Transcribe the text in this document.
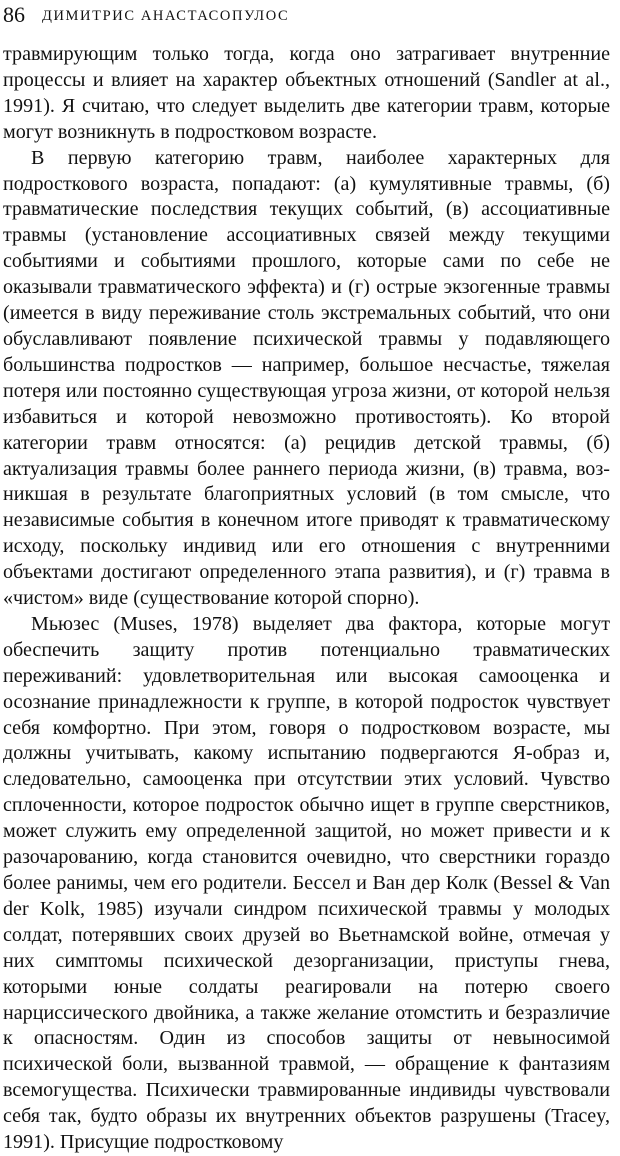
86 ДИМИТРИС АНАСТАСОПУЛОС

травмирующим только тогда, когда оно затрагивает внутренние процессы и влияет на характер объектных отношений (Sandler at al., 1991). Я считаю, что следует выделить две категории травм, которые могут возникнуть в подростковом возрасте.

В первую категорию травм, наиболее характерных для подросткового возраста, попадают: (а) кумулятивные травмы, (б) травматические последствия текущих событий, (в) ассоциативные травмы (установление ассоциативных связей между текущими событиями и событиями прошлого, которые сами по себе не оказывали травматического эффекта) и (г) острые экзогенные травмы (имеется в виду переживание столь экстремальных событий, что они обуславливают появление психической травмы у подавляющего большинства подростков — например, большое несчастье, тяжелая потеря или постоянно существующая угроза жизни, от которой нельзя избавиться и которой невозможно противостоять). Ко второй категории травм относятся: (а) рецидив детской травмы, (б) актуализация травмы более раннего периода жизни, (в) травма, возникшая в результате благоприятных условий (в том смысле, что независимые события в конечном итоге приводят к травматическому исходу, поскольку индивид или его отношения с внутренними объектами достигают определенного этапа развития), и (г) травма в «чистом» виде (существование которой спорно).

Мьюзес (Muses, 1978) выделяет два фактора, которые могут обеспечить защиту против потенциально травматических переживаний: удовлетворительная или высокая самооценка и осознание принадлежности к группе, в которой подросток чувствует себя комфортно. При этом, говоря о подростковом возрасте, мы должны учитывать, какому испытанию подвергаются Я-образ и, следовательно, самооценка при отсутствии этих условий. Чувство сплоченности, которое подросток обычно ищет в группе сверстников, может служить ему определенной защитой, но может привести и к разочарованию, когда становится очевидно, что сверстники гораздо более ранимы, чем его родители. Бессел и Ван дер Колк (Bessel & Van der Kolk, 1985) изучали синдром психической травмы у молодых солдат, потерявших своих друзей во Вьетнамской войне, отмечая у них симптомы психической дезорганизации, приступы гнева, которыми юные солдаты реагировали на потерю своего нарциссического двойника, а также желание отомстить и безразличие к опасностям. Один из способов защиты от невыносимой психической боли, вызванной травмой, — обращение к фантазиям всемогущества. Психически травмированные индивиды чувствовали себя так, будто образы их внутренних объектов разрушены (Tracey, 1991). Присущие подростковому
